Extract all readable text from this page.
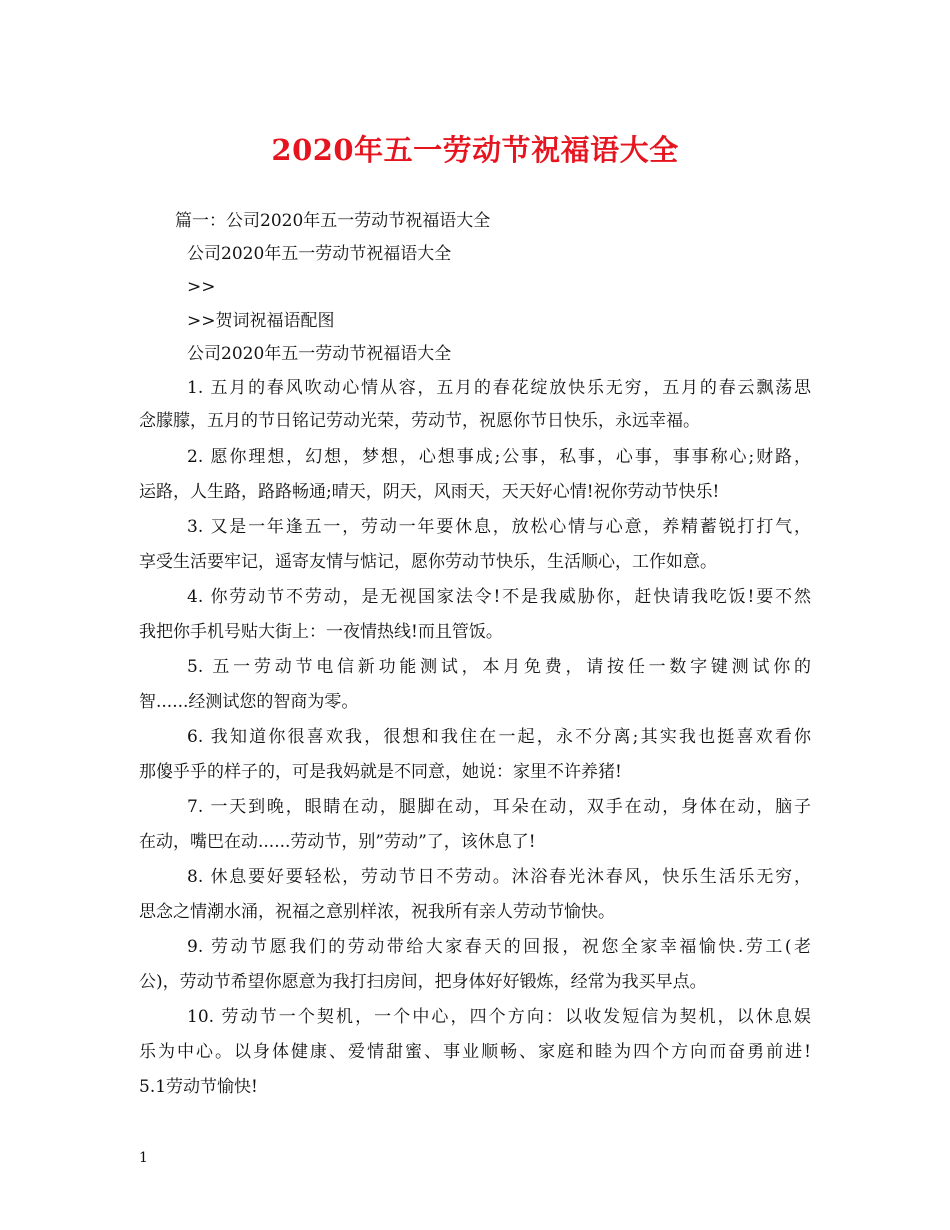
2020年五一劳动节祝福语大全
篇一：公司2020年五一劳动节祝福语大全
公司2020年五一劳动节祝福语大全
>>
>>贺词祝福语配图
公司2020年五一劳动节祝福语大全
1. 五月的春风吹动心情从容，五月的春花绽放快乐无穷，五月的春云飘荡思
念朦朦，五月的节日铭记劳动光荣，劳动节，祝愿你节日快乐，永远幸福。
2. 愿你理想，幻想，梦想，心想事成;公事，私事，心事，事事称心;财路，
运路，人生路，路路畅通;晴天，阴天，风雨天，天天好心情!祝你劳动节快乐!
3. 又是一年逢五一，劳动一年要休息，放松心情与心意，养精蓄锐打打气，
享受生活要牢记，遥寄友情与惦记，愿你劳动节快乐，生活顺心，工作如意。
4. 你劳动节不劳动，是无视国家法令!不是我威胁你，赶快请我吃饭!要不然
我把你手机号贴大街上：一夜情热线!而且管饭。
5. 五一劳动节电信新功能测试，本月免费，请按任一数字键测试你的
智......经测试您的智商为零。
6. 我知道你很喜欢我，很想和我住在一起，永不分离;其实我也挺喜欢看你
那傻乎乎的样子的，可是我妈就是不同意，她说：家里不许养猪!
7. 一天到晚，眼睛在动，腿脚在动，耳朵在动，双手在动，身体在动，脑子
在动，嘴巴在动......劳动节，别”劳动”了，该休息了!
8. 休息要好要轻松，劳动节日不劳动。沐浴春光沐春风，快乐生活乐无穷，
思念之情潮水涌，祝福之意别样浓，祝我所有亲人劳动节愉快。
9. 劳动节愿我们的劳动带给大家春天的回报，祝您全家幸福愉快.劳工(老
公)，劳动节希望你愿意为我打扫房间，把身体好好锻炼，经常为我买早点。
10. 劳动节一个契机，一个中心，四个方向：以收发短信为契机，以休息娱
乐为中心。以身体健康、爱情甜蜜、事业顺畅、家庭和睦为四个方向而奋勇前进!
5.1劳动节愉快!
1
